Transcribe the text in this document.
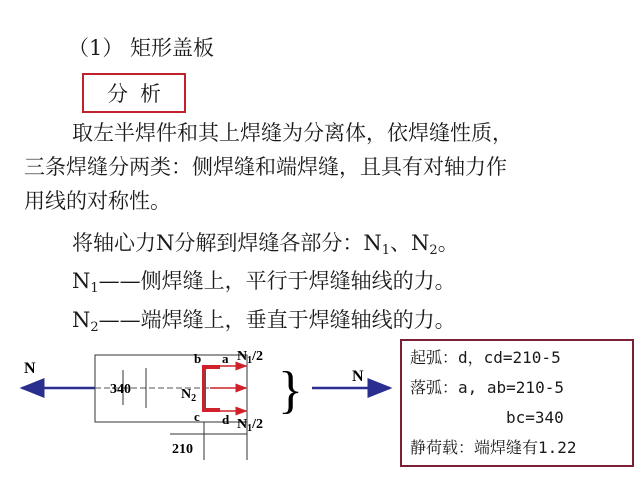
（1） 矩形盖板
分析
取左半焊件和其上焊缝为分离体，依焊缝性质，
三条焊缝分两类：侧焊缝和端焊缝，且具有对轴力作
用线的对称性。
将轴心力N分解到焊缝各部分：$N_1$、$N_2$。
$N_1——$侧焊缝上，平行于焊缝轴线的力。
$N_2——$端焊缝上，垂直于焊缝轴线的力。
N
340
b a
c d
$N_1/2$
$N_2$
$N_1/2$
210
}	N
起弧：d，cd=210-5
落弧：a, ab=210-5
bc=340
静荷载：端焊缝有1.22
